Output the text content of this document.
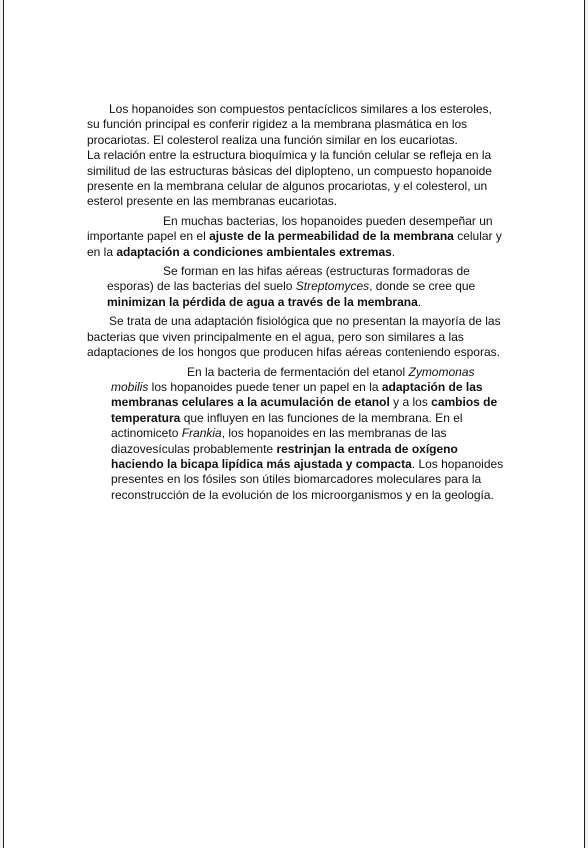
Los hopanoides son compuestos pentacíclicos similares a los esteroles, su función principal es conferir rigidez a la membrana plasmática en los procariotas. El colesterol realiza una función similar en los eucariotas.

La relación entre la estructura bioquímica y la función celular se refleja en la similitud de las estructuras básicas del diplopteno, un compuesto hopanoide presente en la membrana celular de algunos procariotas, y el colesterol, un esterol presente en las membranas eucariotas.

En muchas bacterias, los hopanoides pueden desempeñar un importante papel en el ajuste de la permeabilidad de la membrana celular y en la adaptación a condiciones ambientales extremas.

Se forman en las hifas aéreas (estructuras formadoras de esporas) de las bacterias del suelo Streptomyces, donde se cree que minimizan la pérdida de agua a través de la membrana.

Se trata de una adaptación fisiológica que no presentan la mayoría de las bacterias que viven principalmente en el agua, pero son similares a las adaptaciones de los hongos que producen hifas aéreas conteniendo esporas.

En la bacteria de fermentación del etanol Zymomonas mobilis los hopanoides puede tener un papel en la adaptación de las membranas celulares a la acumulación de etanol y a los cambios de temperatura que influyen en las funciones de la membrana. En el actinomiceto Frankia, los hopanoides en las membranas de las diazovesículas probablemente restrinjan la entrada de oxígeno haciendo la bicapa lipídica más ajustada y compacta. Los hopanoides presentes en los fósiles son útiles biomarcadores moleculares para la reconstrucción de la evolución de los microorganismos y en la geología.
